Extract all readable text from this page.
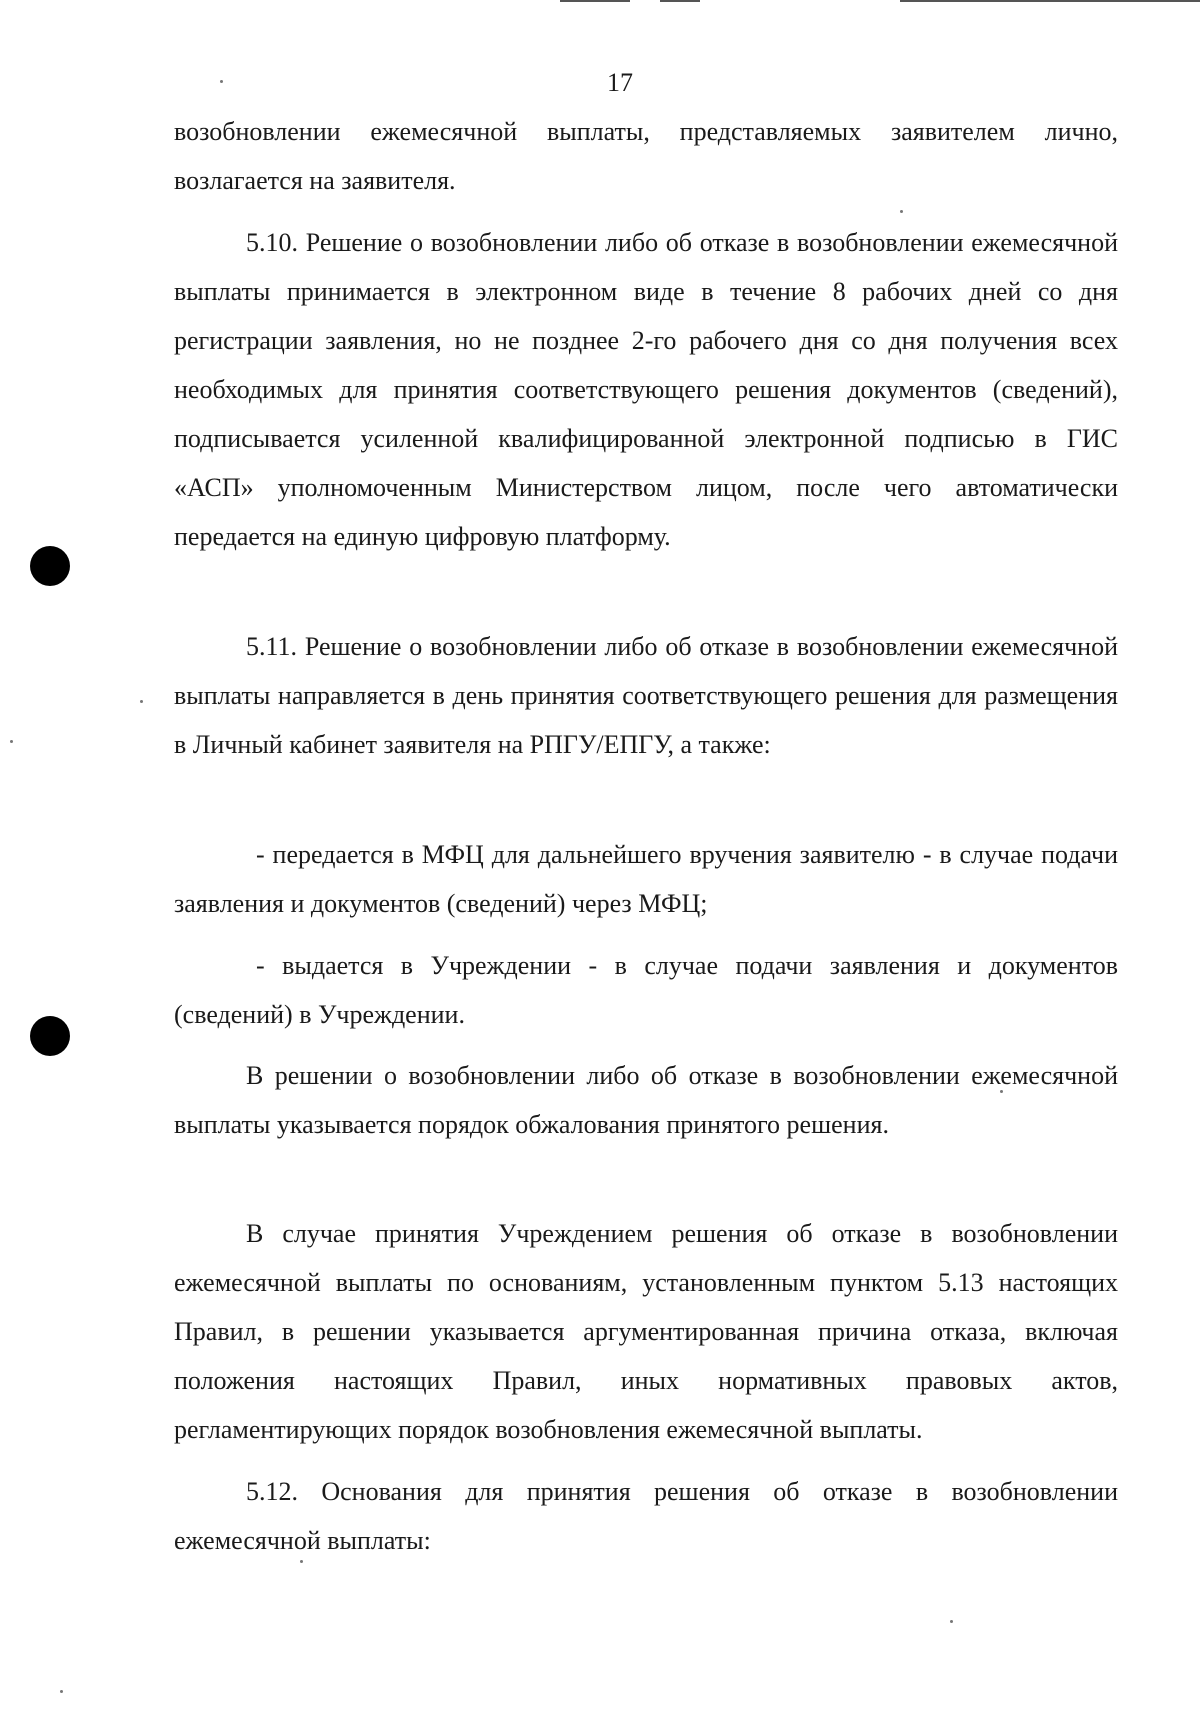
17

возобновлении ежемесячной выплаты, представляемых заявителем лично, возлагается на заявителя.

5.10. Решение о возобновлении либо об отказе в возобновлении ежемесячной выплаты принимается в электронном виде в течение 8 рабочих дней со дня регистрации заявления, но не позднее 2-го рабочего дня со дня получения всех необходимых для принятия соответствующего решения документов (сведений), подписывается усиленной квалифицированной электронной подписью в ГИС «АСП» уполномоченным Министерством лицом, после чего автоматически передается на единую цифровую платформу.

5.11. Решение о возобновлении либо об отказе в возобновлении ежемесячной выплаты направляется в день принятия соответствующего решения для размещения в Личный кабинет заявителя на РПГУ/ЕПГУ, а также:

- передается в МФЦ для дальнейшего вручения заявителю - в случае подачи заявления и документов (сведений) через МФЦ;

- выдается в Учреждении - в случае подачи заявления и документов (сведений) в Учреждении.

В решении о возобновлении либо об отказе в возобновлении ежемесячной выплаты указывается порядок обжалования принятого решения.

В случае принятия Учреждением решения об отказе в возобновлении ежемесячной выплаты по основаниям, установленным пунктом 5.13 настоящих Правил, в решении указывается аргументированная причина отказа, включая положения настоящих Правил, иных нормативных правовых актов, регламентирующих порядок возобновления ежемесячной выплаты.

5.12. Основания для принятия решения об отказе в возобновлении ежемесячной выплаты:
